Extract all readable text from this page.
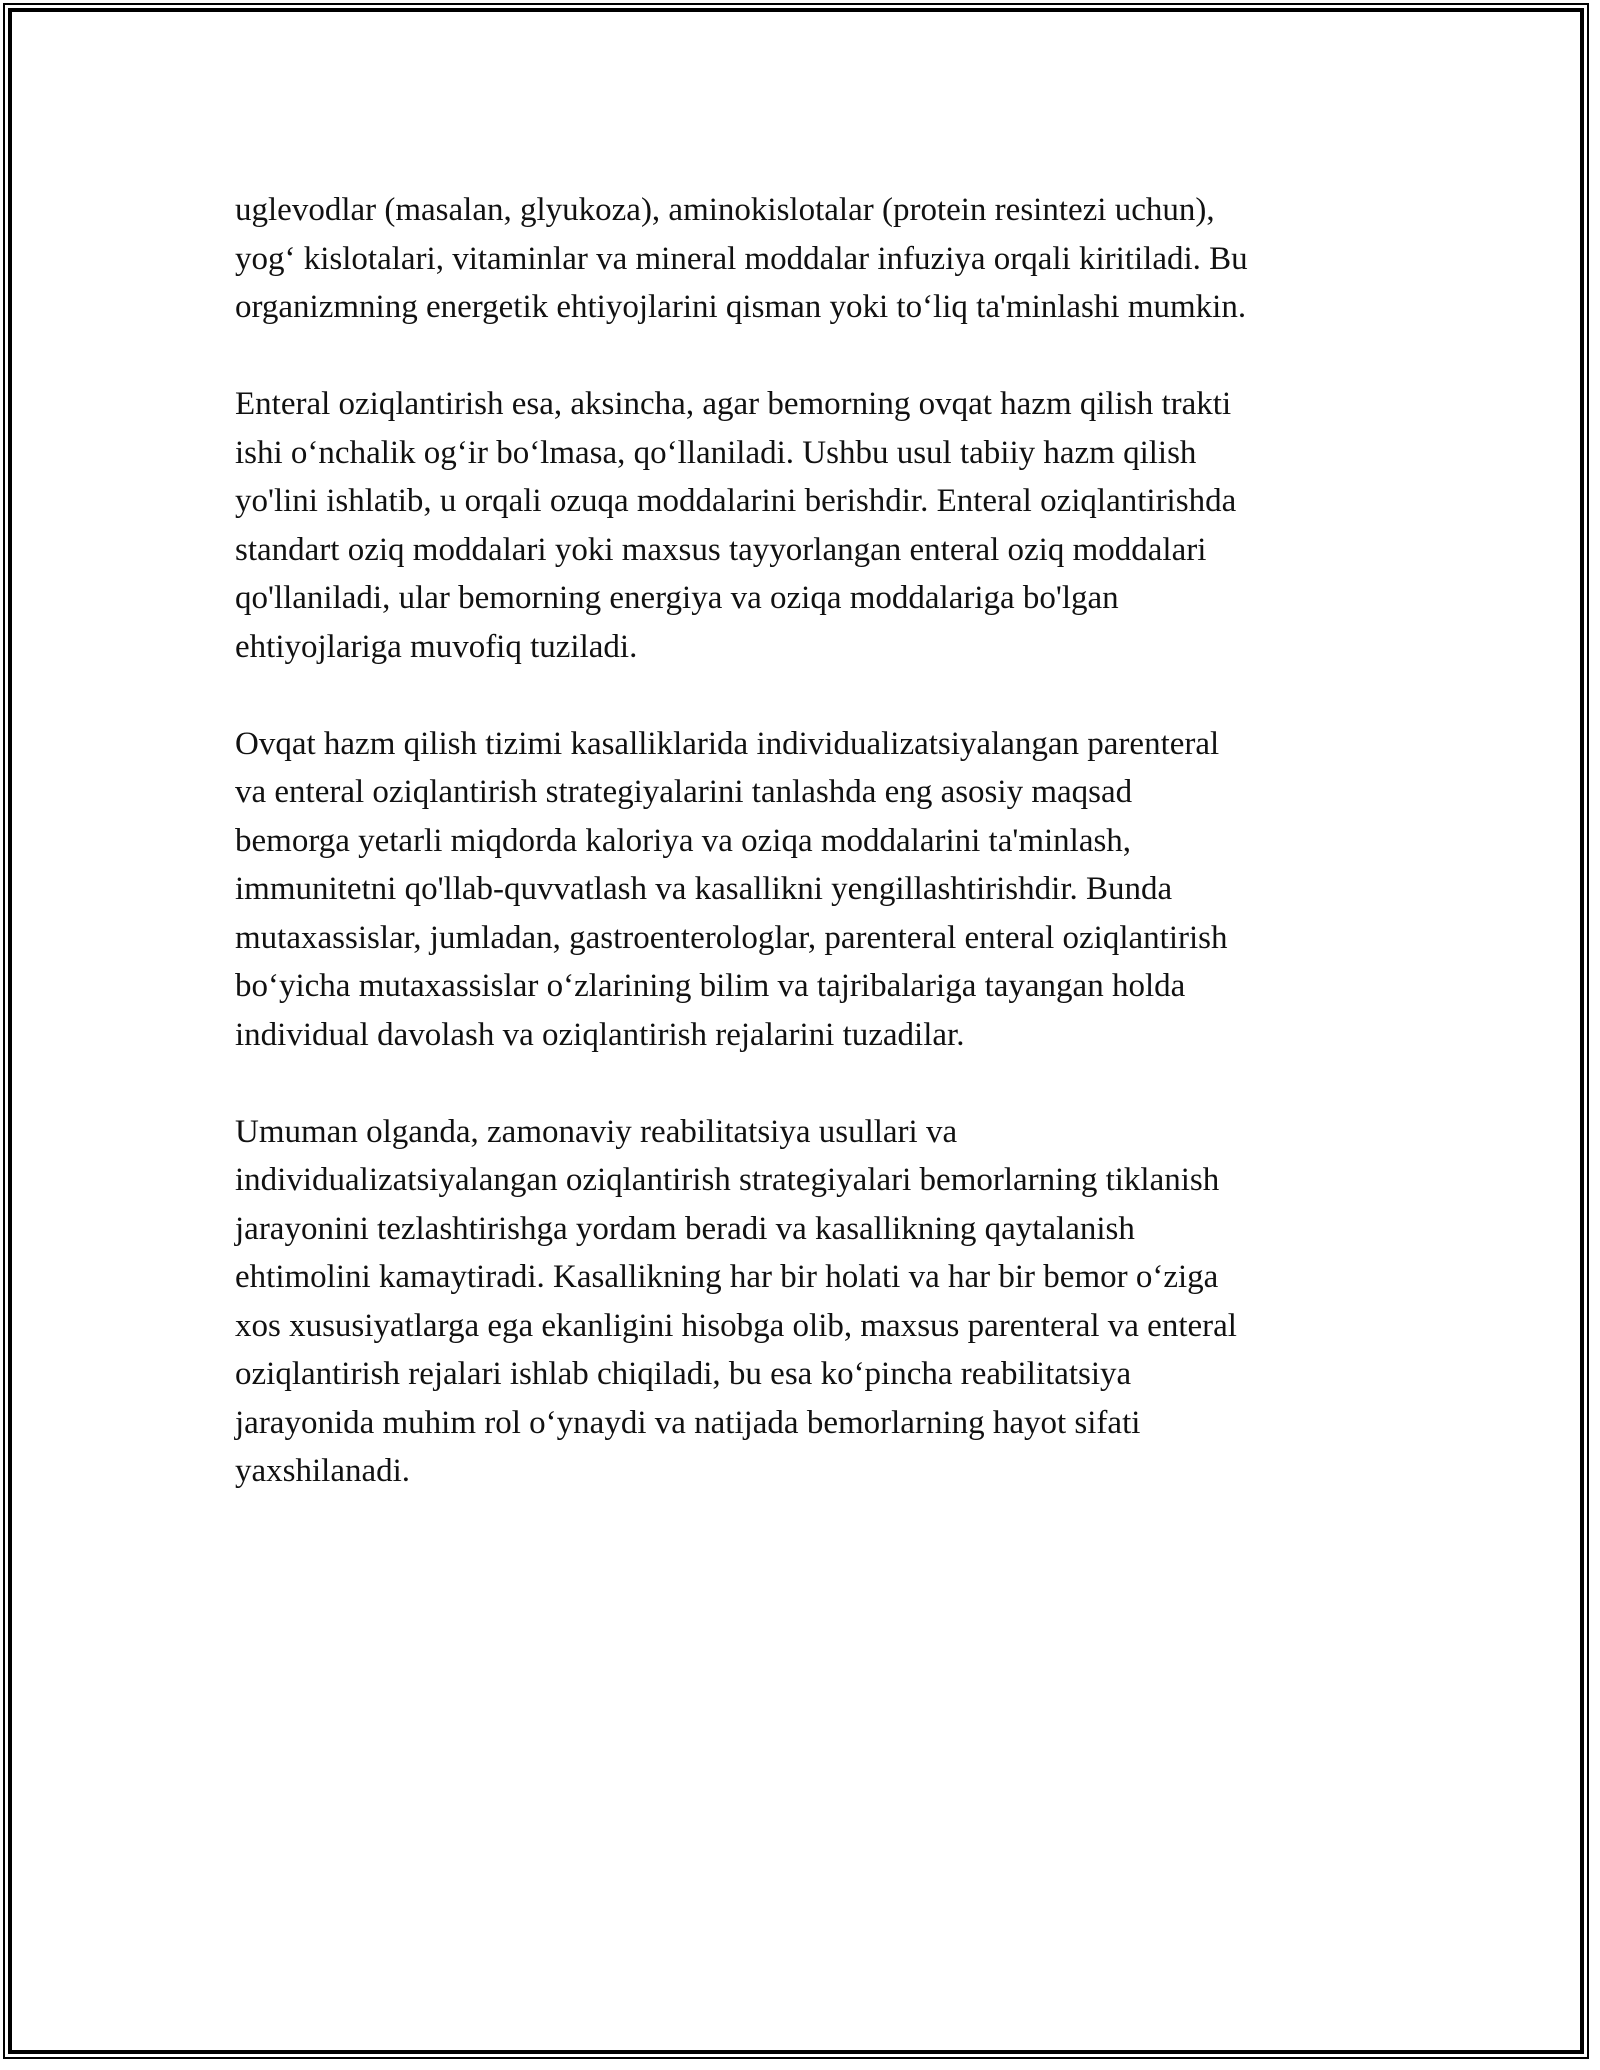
uglevodlar (masalan, glyukoza), aminokislotalar (protein resintezi uchun),
yog‘ kislotalari, vitaminlar va mineral moddalar infuziya orqali kiritiladi. Bu
organizmning energetik ehtiyojlarini qisman yoki to‘liq ta'minlashi mumkin.

Enteral oziqlantirish esa, aksincha, agar bemorning ovqat hazm qilish trakti
ishi o‘nchalik og‘ir bo‘lmasa, qo‘llaniladi. Ushbu usul tabiiy hazm qilish
yo'lini ishlatib, u orqali ozuqa moddalarini berishdir. Enteral oziqlantirishda
standart oziq moddalari yoki maxsus tayyorlangan enteral oziq moddalari
qo'llaniladi, ular bemorning energiya va oziqa moddalariga bo'lgan
ehtiyojlariga muvofiq tuziladi.

Ovqat hazm qilish tizimi kasalliklarida individualizatsiyalangan parenteral
va enteral oziqlantirish strategiyalarini tanlashda eng asosiy maqsad
bemorga yetarli miqdorda kaloriya va oziqa moddalarini ta'minlash,
immunitetni qo'llab-quvvatlash va kasallikni yengillashtirishdir. Bunda
mutaxassislar, jumladan, gastroenterologlar, parenteral enteral oziqlantirish
bo‘yicha mutaxassislar o‘zlarining bilim va tajribalariga tayangan holda
individual davolash va oziqlantirish rejalarini tuzadilar.

Umuman olganda, zamonaviy reabilitatsiya usullari va
individualizatsiyalangan oziqlantirish strategiyalari bemorlarning tiklanish
jarayonini tezlashtirishga yordam beradi va kasallikning qaytalanish
ehtimolini kamaytiradi. Kasallikning har bir holati va har bir bemor o‘ziga
xos xususiyatlarga ega ekanligini hisobga olib, maxsus parenteral va enteral
oziqlantirish rejalari ishlab chiqiladi, bu esa ko‘pincha reabilitatsiya
jarayonida muhim rol o‘ynaydi va natijada bemorlarning hayot sifati
yaxshilanadi.
